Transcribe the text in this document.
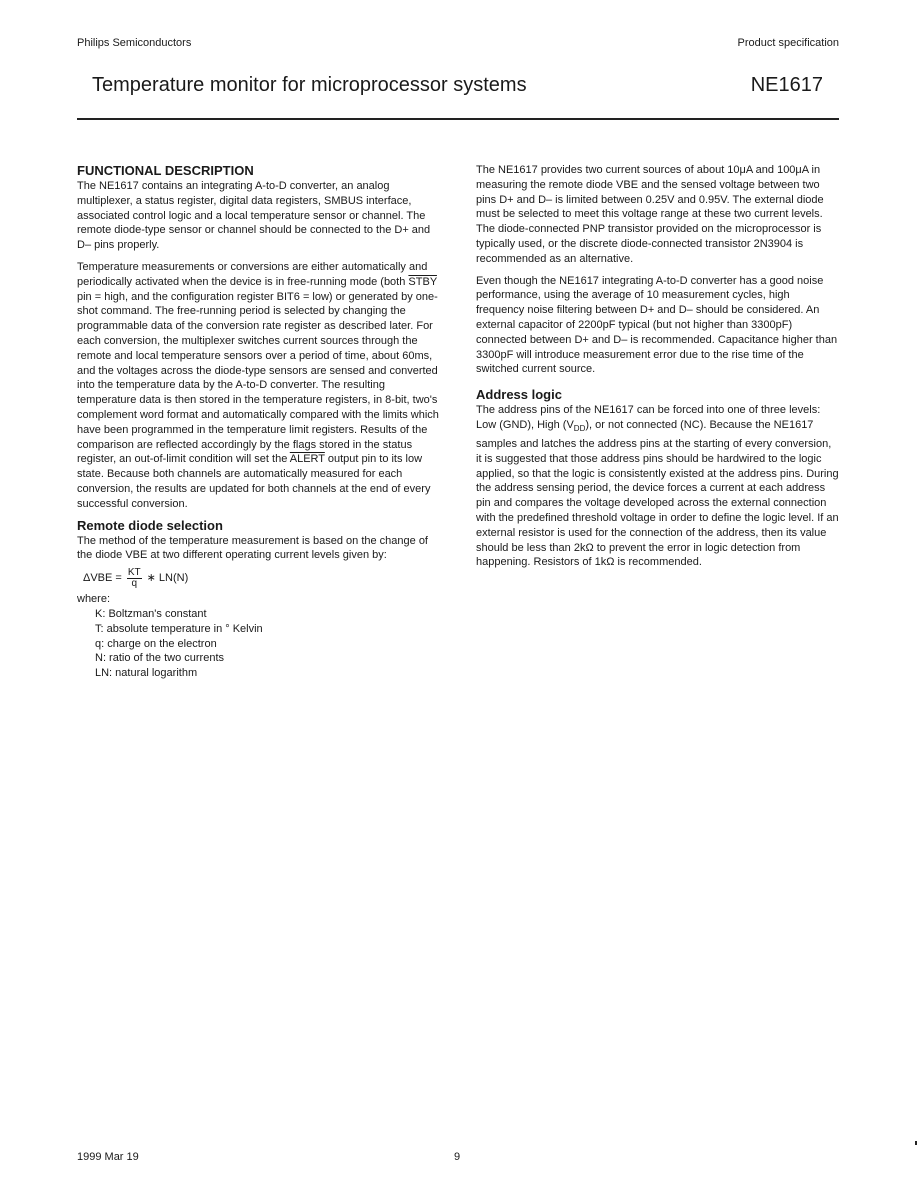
Philips Semiconductors	Product specification
Temperature monitor for microprocessor systems	NE1617
FUNCTIONAL DESCRIPTION

The NE1617 contains an integrating A-to-D converter, an analog multiplexer, a status register, digital data registers, SMBUS interface, associated control logic and a local temperature sensor or channel. The remote diode-type sensor or channel should be connected to the D+ and D– pins properly.

Temperature measurements or conversions are either automatically and periodically activated when the device is in free-running mode (both STBY pin = high, and the configuration register BIT6 = low) or generated by one-shot command. The free-running period is selected by changing the programmable data of the conversion rate register as described later. For each conversion, the multiplexer switches current sources through the remote and local temperature sensors over a period of time, about 60ms, and the voltages across the diode-type sensors are sensed and converted into the temperature data by the A-to-D converter. The resulting temperature data is then stored in the temperature registers, in 8-bit, two's complement word format and automatically compared with the limits which have been programmed in the temperature limit registers. Results of the comparison are reflected accordingly by the flags stored in the status register, an out-of-limit condition will set the ALERT output pin to its low state. Because both channels are automatically measured for each conversion, the results are updated for both channels at the end of every successful conversion.

Remote diode selection

The method of the temperature measurement is based on the change of the diode VBE at two different operating current levels given by:

$\Delta VBE = \frac{KT}{q}$ ∗ LN(N)

where:

K: Boltzman's constant
T: absolute temperature in ° Kelvin
q: charge on the electron
N: ratio of the two currents
LN: natural logarithm

The NE1617 provides two current sources of about 10μA and 100μA in measuring the remote diode VBE and the sensed voltage between two pins D+ and D– is limited between 0.25V and 0.95V. The external diode must be selected to meet this voltage range at these two current levels. The diode-connected PNP transistor provided on the microprocessor is typically used, or the discrete diode-connected transistor 2N3904 is recommended as an alternative.

Even though the NE1617 integrating A-to-D converter has a good noise performance, using the average of 10 measurement cycles, high frequency noise filtering between D+ and D– should be considered. An external capacitor of 2200pF typical (but not higher than 3300pF) connected between D+ and D– is recommended. Capacitance higher than 3300pF will introduce measurement error due to the rise time of the switched current source.

Address logic

The address pins of the NE1617 can be forced into one of three levels: Low (GND), High $(V_{DD})$, or not connected (NC). Because the NE1617 samples and latches the address pins at the starting of every conversion, it is suggested that those address pins should be hardwired to the logic applied, so that the logic is consistently existed at the address pins. During the address sensing period, the device forces a current at each address pin and compares the voltage developed across the external connection with the predefined threshold voltage in order to define the logic level. If an external resistor is used for the connection of the address, then its value should be less than 2kΩ to prevent the error in logic detection from happening. Resistors of 1kΩ is recommended.

1999 Mar 19	9
